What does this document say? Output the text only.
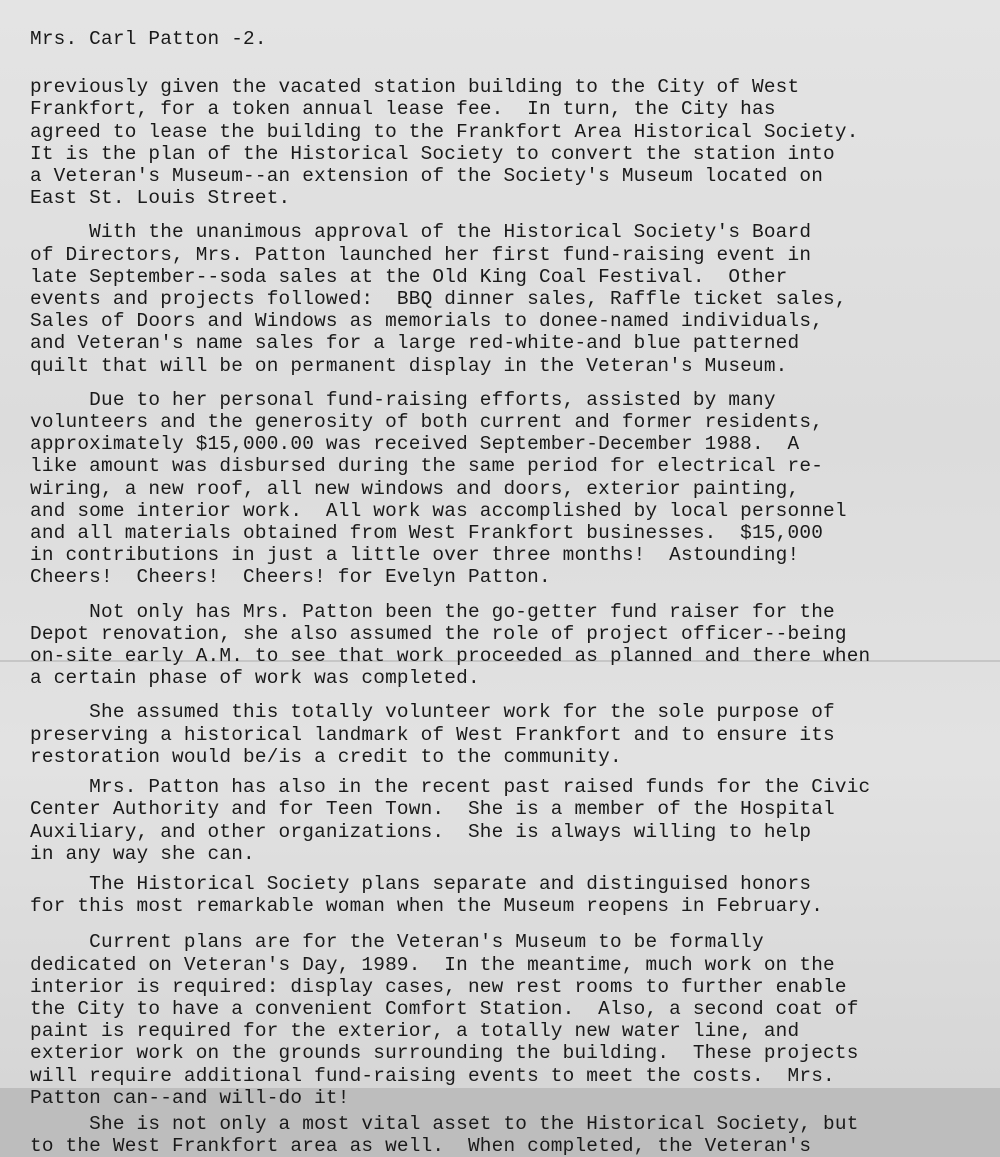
Mrs. Carl Patton -2.
previously given the vacated station building to the City of West
Frankfort, for a token annual lease fee.  In turn, the City has
agreed to lease the building to the Frankfort Area Historical Society.
It is the plan of the Historical Society to convert the station into
a Veteran's Museum--an extension of the Society's Museum located on
East St. Louis Street.
With the unanimous approval of the Historical Society's Board
of Directors, Mrs. Patton launched her first fund-raising event in
late September--soda sales at the Old King Coal Festival.  Other
events and projects followed:  BBQ dinner sales, Raffle ticket sales,
Sales of Doors and Windows as memorials to donee-named individuals,
and Veteran's name sales for a large red-white-and blue patterned
quilt that will be on permanent display in the Veteran's Museum.
Due to her personal fund-raising efforts, assisted by many
volunteers and the generosity of both current and former residents,
approximately $15,000.00 was received September-December 1988.  A
like amount was disbursed during the same period for electrical re-
wiring, a new roof, all new windows and doors, exterior painting,
and some interior work.  All work was accomplished by local personnel
and all materials obtained from West Frankfort businesses.  $15,000
in contributions in just a little over three months!  Astounding!
Cheers!  Cheers!  Cheers! for Evelyn Patton.
Not only has Mrs. Patton been the go-getter fund raiser for the
Depot renovation, she also assumed the role of project officer--being
on-site early A.M. to see that work proceeded as planned and there when
a certain phase of work was completed.
She assumed this totally volunteer work for the sole purpose of
preserving a historical landmark of West Frankfort and to ensure its
restoration would be/is a credit to the community.
Mrs. Patton has also in the recent past raised funds for the Civic
Center Authority and for Teen Town.  She is a member of the Hospital
Auxiliary, and other organizations.  She is always willing to help
in any way she can.
The Historical Society plans separate and distinguised honors
for this most remarkable woman when the Museum reopens in February.
Current plans are for the Veteran's Museum to be formally
dedicated on Veteran's Day, 1989.  In the meantime, much work on the
interior is required: display cases, new rest rooms to further enable
the City to have a convenient Comfort Station.  Also, a second coat of
paint is required for the exterior, a totally new water line, and
exterior work on the grounds surrounding the building.  These projects
will require additional fund-raising events to meet the costs.  Mrs.
Patton can--and will-do it!
She is not only a most vital asset to the Historical Society, but
to the West Frankfort area as well.  When completed, the Veteran's
